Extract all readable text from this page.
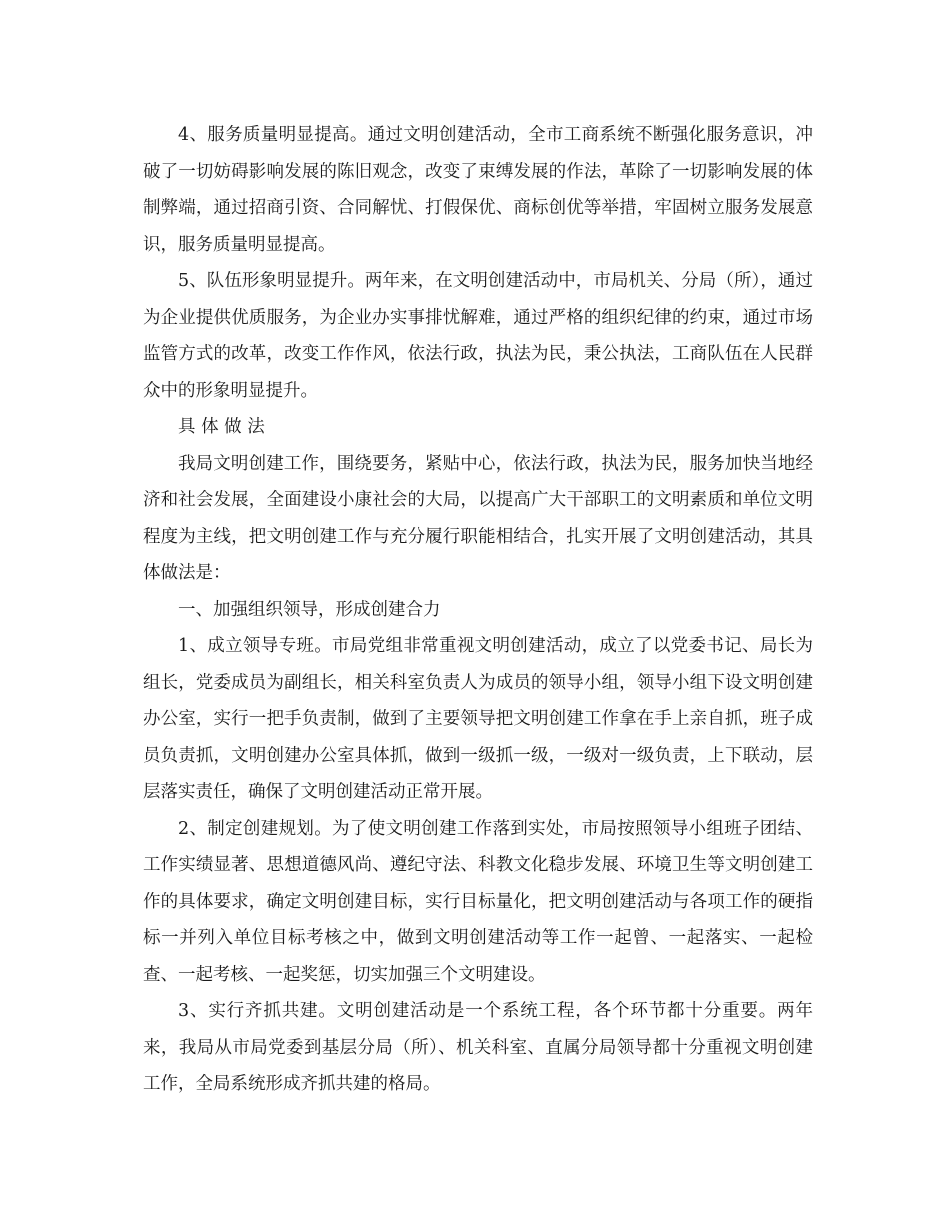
4、服务质量明显提高。通过文明创建活动，全市工商系统不断强化服务意识，冲破了一切妨碍影响发展的陈旧观念，改变了束缚发展的作法，革除了一切影响发展的体制弊端，通过招商引资、合同解忧、打假保优、商标创优等举措，牢固树立服务发展意识，服务质量明显提高。

5、队伍形象明显提升。两年来，在文明创建活动中，市局机关、分局（所），通过为企业提供优质服务，为企业办实事排忧解难，通过严格的组织纪律的约束，通过市场监管方式的改革，改变工作作风，依法行政，执法为民，秉公执法，工商队伍在人民群众中的形象明显提升。

具 体 做 法

我局文明创建工作，围绕要务，紧贴中心，依法行政，执法为民，服务加快当地经济和社会发展，全面建设小康社会的大局，以提高广大干部职工的文明素质和单位文明程度为主线，把文明创建工作与充分履行职能相结合，扎实开展了文明创建活动，其具体做法是：

一、加强组织领导，形成创建合力

1、成立领导专班。市局党组非常重视文明创建活动，成立了以党委书记、局长为组长，党委成员为副组长，相关科室负责人为成员的领导小组，领导小组下设文明创建办公室，实行一把手负责制，做到了主要领导把文明创建工作拿在手上亲自抓，班子成员负责抓，文明创建办公室具体抓，做到一级抓一级，一级对一级负责，上下联动，层层落实责任，确保了文明创建活动正常开展。

2、制定创建规划。为了使文明创建工作落到实处，市局按照领导小组班子团结、工作实绩显著、思想道德风尚、遵纪守法、科教文化稳步发展、环境卫生等文明创建工作的具体要求，确定文明创建目标，实行目标量化，把文明创建活动与各项工作的硬指标一并列入单位目标考核之中，做到文明创建活动等工作一起曾、一起落实、一起检查、一起考核、一起奖惩，切实加强三个文明建设。

3、实行齐抓共建。文明创建活动是一个系统工程，各个环节都十分重要。两年来，我局从市局党委到基层分局（所）、机关科室、直属分局领导都十分重视文明创建工作，全局系统形成齐抓共建的格局。
